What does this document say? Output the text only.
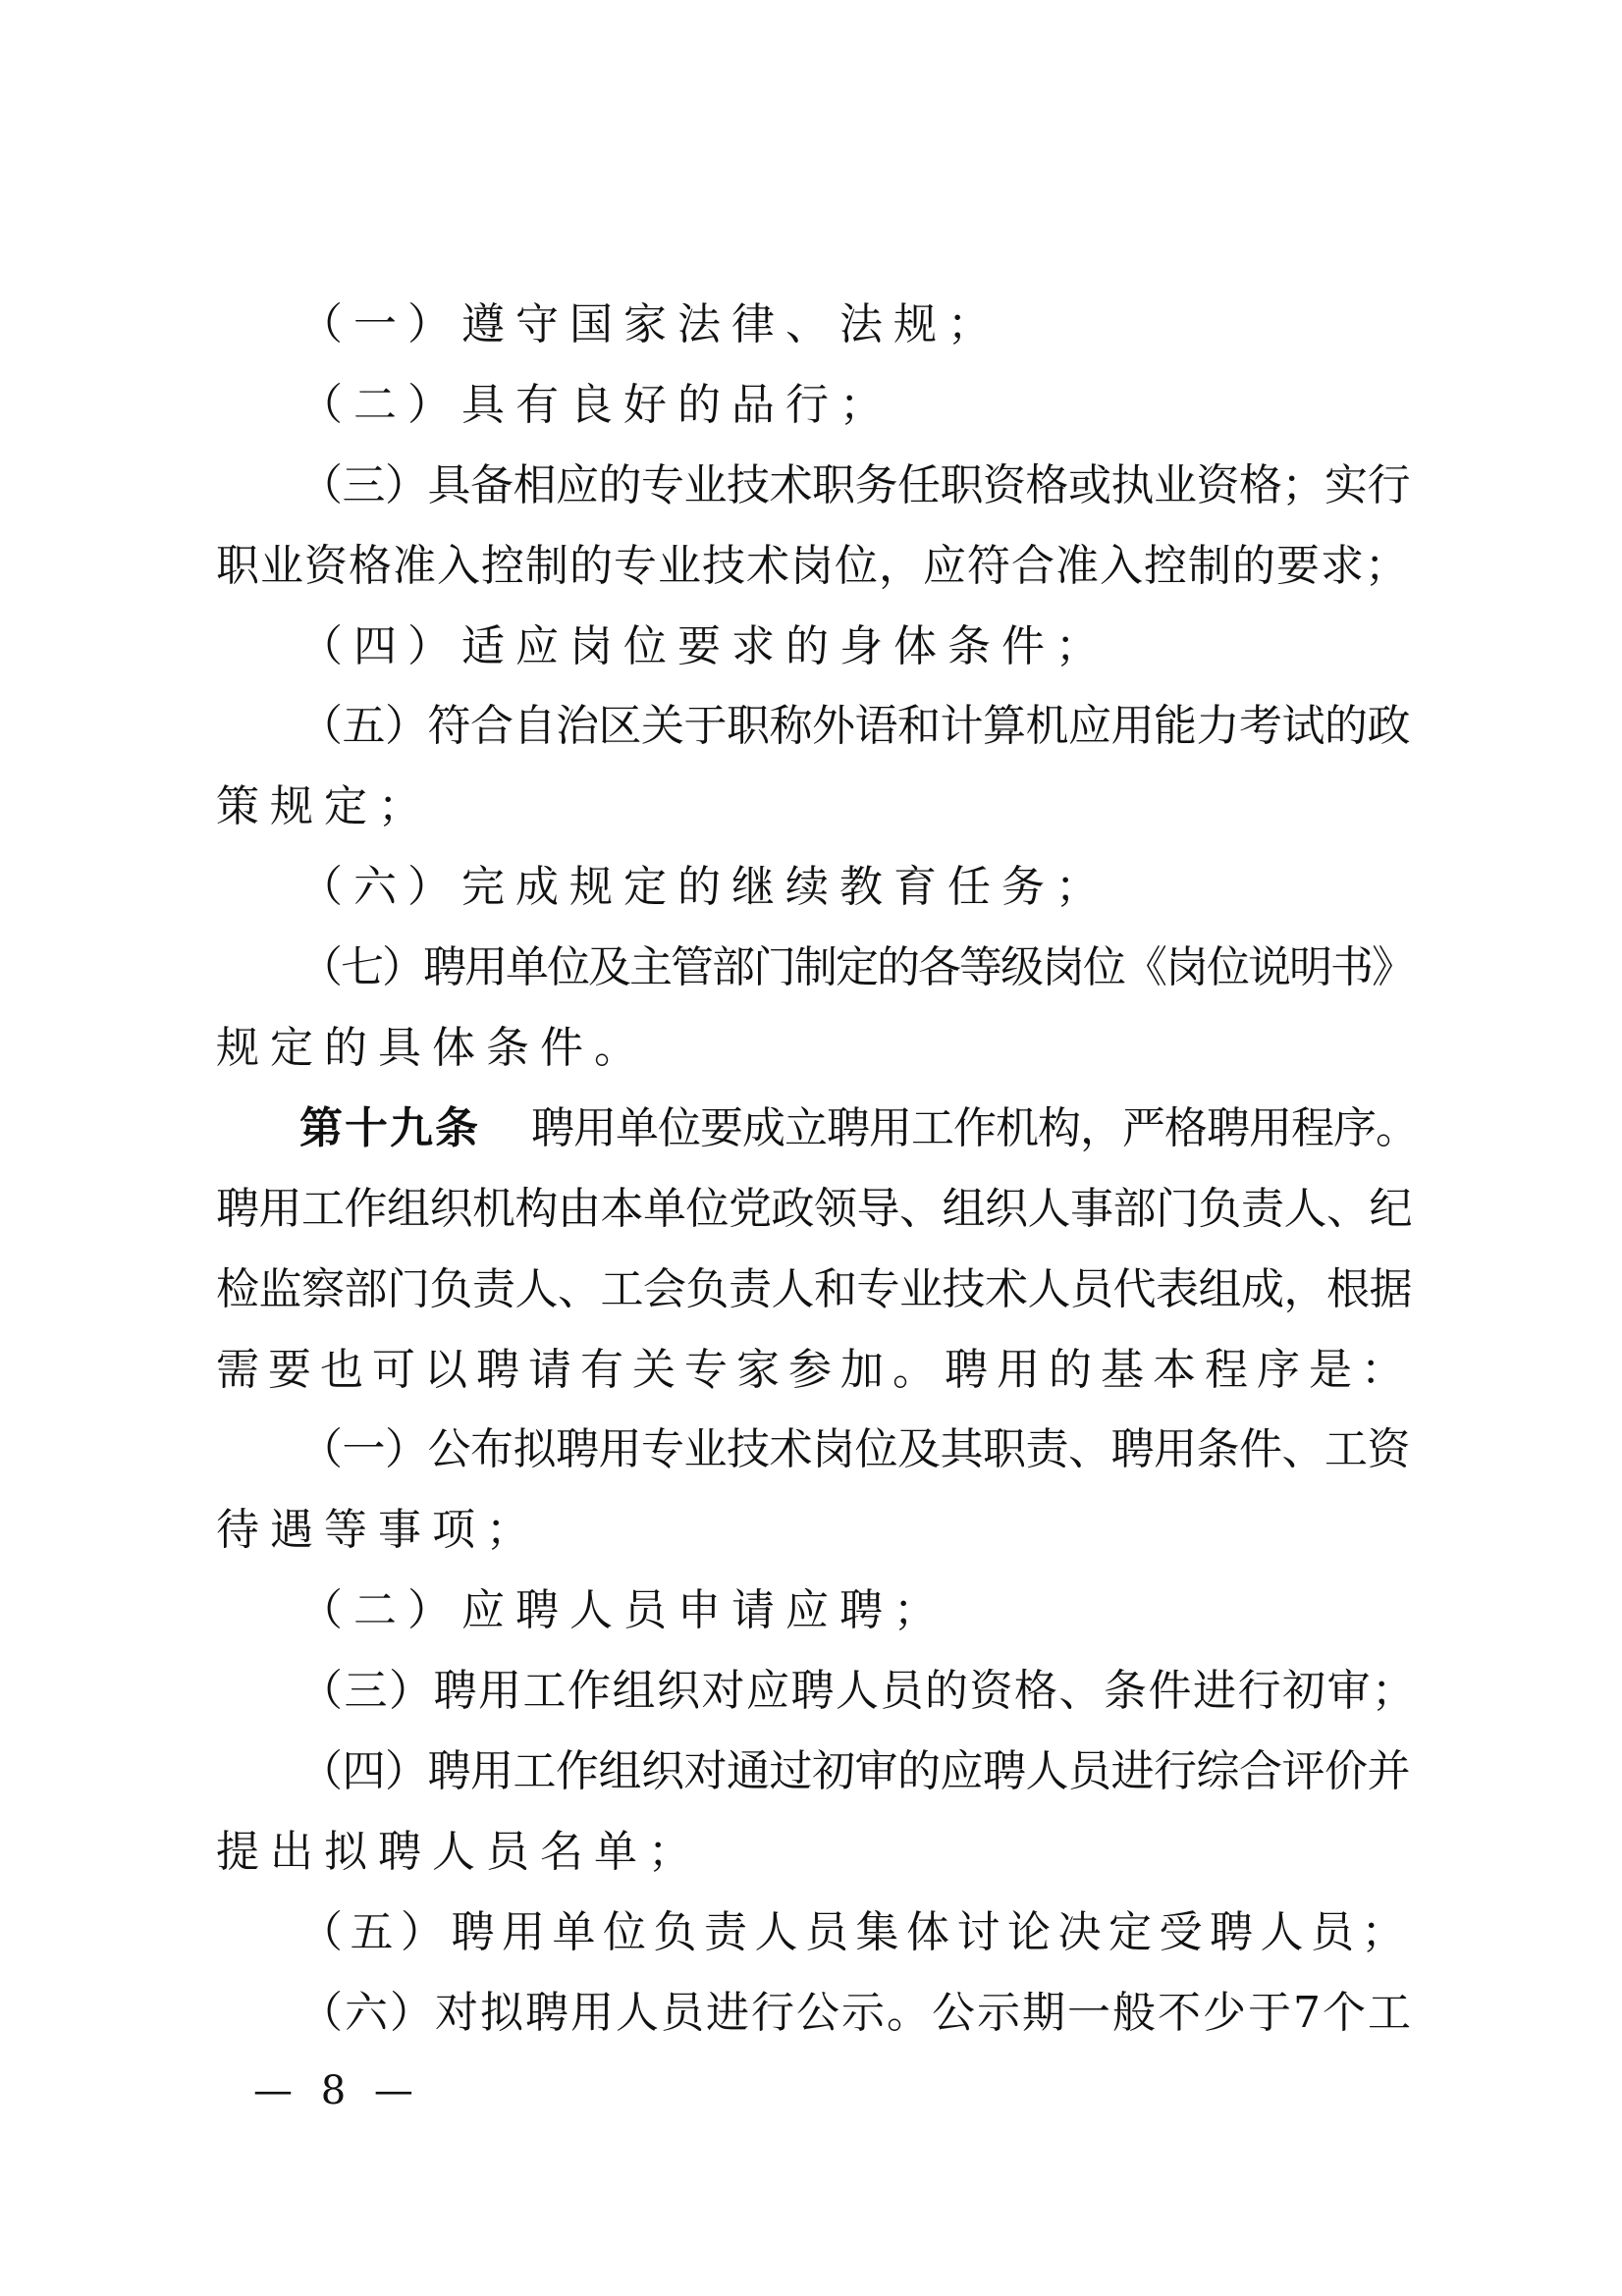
（一）遵守国家法律、法规；
（二）具有良好的品行；
（三）具备相应的专业技术职务任职资格或执业资格；实行
职业资格准入控制的专业技术岗位，应符合准入控制的要求；
（四）适应岗位要求的身体条件；
（五）符合自治区关于职称外语和计算机应用能力考试的政
策规定；
（六）完成规定的继续教育任务；
（七）聘用单位及主管部门制定的各等级岗位《岗位说明书》
规定的具体条件。
第十九条 聘用单位要成立聘用工作机构，严格聘用程序。
聘用工作组织机构由本单位党政领导、组织人事部门负责人、纪
检监察部门负责人、工会负责人和专业技术人员代表组成，根据
需要也可以聘请有关专家参加。聘用的基本程序是：
（一）公布拟聘用专业技术岗位及其职责、聘用条件、工资
待遇等事项；
（二）应聘人员申请应聘；
（三）聘用工作组织对应聘人员的资格、条件进行初审；
（四）聘用工作组织对通过初审的应聘人员进行综合评价并
提出拟聘人员名单；
（五）聘用单位负责人员集体讨论决定受聘人员；
（六）对拟聘用人员进行公示。公示期一般不少于7个工
— 8 —
